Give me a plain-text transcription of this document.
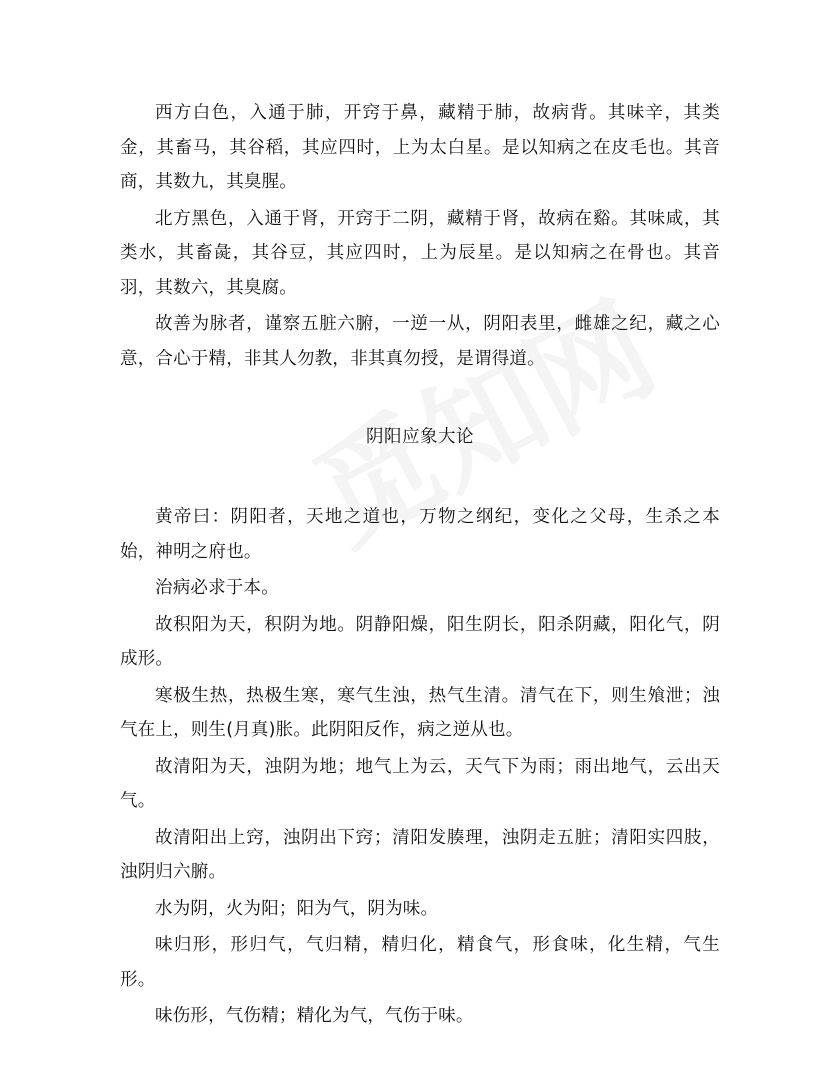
西方白色，入通于肺，开窍于鼻，藏精于肺，故病背。其味辛，其类金，其畜马，其谷稻，其应四时，上为太白星。是以知病之在皮毛也。其音商，其数九，其臭腥。

北方黑色，入通于肾，开窍于二阴，藏精于肾，故病在谿。其味咸，其类水，其畜彘，其谷豆，其应四时，上为辰星。是以知病之在骨也。其音羽，其数六，其臭腐。

故善为脉者，谨察五脏六腑，一逆一从，阴阳表里，雌雄之纪，藏之心意，合心于精，非其人勿教，非其真勿授，是谓得道。

阴阳应象大论

黄帝曰：阴阳者，天地之道也，万物之纲纪，变化之父母，生杀之本始，神明之府也。

治病必求于本。

故积阳为天，积阴为地。阴静阳燥，阳生阴长，阳杀阴藏，阳化气，阴成形。

寒极生热，热极生寒，寒气生浊，热气生清。清气在下，则生飧泄；浊气在上，则生(月真)胀。此阴阳反作，病之逆从也。

故清阳为天，浊阴为地；地气上为云，天气下为雨；雨出地气，云出天气。

故清阳出上窍，浊阴出下窍；清阳发腠理，浊阴走五脏；清阳实四肢，浊阴归六腑。

水为阴，火为阳；阳为气，阴为味。

味归形，形归气，气归精，精归化，精食气，形食味，化生精，气生形。

味伤形，气伤精；精化为气，气伤于味。
